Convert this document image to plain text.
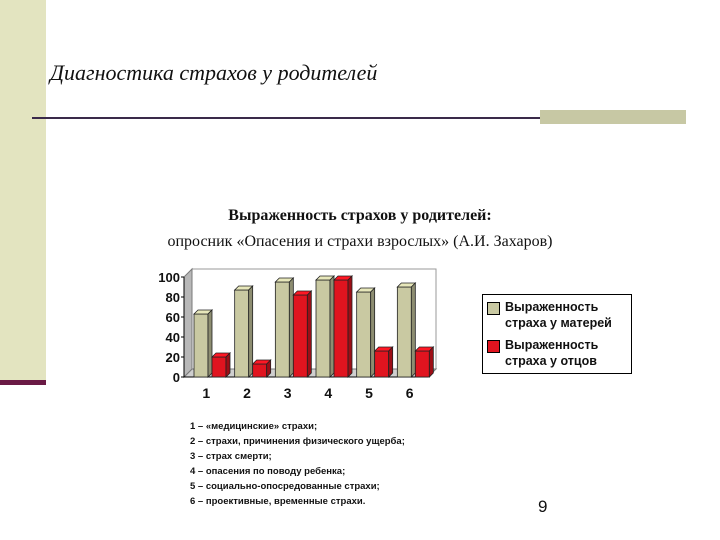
Диагностика страхов у родителей
Выраженность страхов у родителей:
опросник «Опасения и страхи взрослых» (А.И. Захаров)
100
80
60
40
20
0
1 2 3 4 5 6
Выраженность страха у матерей
Выраженность страха у отцов
1 – «медицинские» страхи;
2 – страхи, причинения физического ущерба;
3 – страх смерти;
4 – опасения по поводу ребенка;
5 – социально-опосредованные страхи;
6 – проективные, временные страхи.	9
